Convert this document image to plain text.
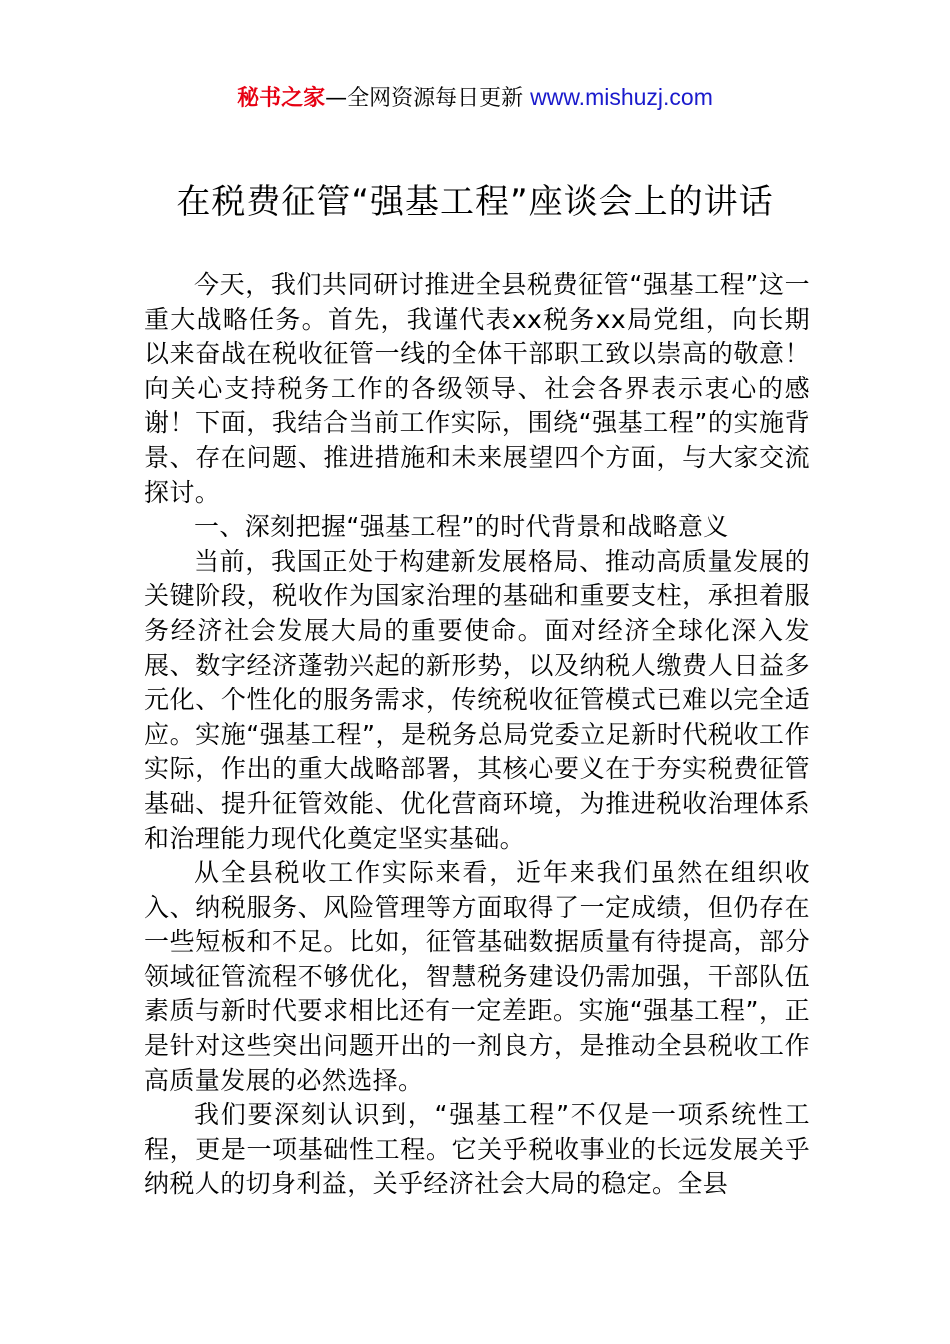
秘书之家—全网资源每日更新 www.mishuzj.com
在税费征管“强基工程”座谈会上的讲话

今天，我们共同研讨推进全县税费征管“强基工程”这一重大战略任务。首先，我谨代表xx税务xx局党组，向长期以来奋战在税收征管一线的全体干部职工致以崇高的敬意！向关心支持税务工作的各级领导、社会各界表示衷心的感谢！下面，我结合当前工作实际，围绕“强基工程”的实施背景、存在问题、推进措施和未来展望四个方面，与大家交流探讨。

一、深刻把握“强基工程”的时代背景和战略意义

当前，我国正处于构建新发展格局、推动高质量发展的关键阶段，税收作为国家治理的基础和重要支柱，承担着服务经济社会发展大局的重要使命。面对经济全球化深入发展、数字经济蓬勃兴起的新形势，以及纳税人缴费人日益多元化、个性化的服务需求，传统税收征管模式已难以完全适应。实施“强基工程”，是税务总局党委立足新时代税收工作实际，作出的重大战略部署，其核心要义在于夯实税费征管基础、提升征管效能、优化营商环境，为推进税收治理体系和治理能力现代化奠定坚实基础。

从全县税收工作实际来看，近年来我们虽然在组织收入、纳税服务、风险管理等方面取得了一定成绩，但仍存在一些短板和不足。比如，征管基础数据质量有待提高，部分领域征管流程不够优化，智慧税务建设仍需加强，干部队伍素质与新时代要求相比还有一定差距。实施“强基工程”，正是针对这些突出问题开出的一剂良方，是推动全县税收工作高质量发展的必然选择。

我们要深刻认识到，“强基工程”不仅是一项系统性工程，更是一项基础性工程。它关乎税收事业的长远发展关乎纳税人的切身利益，关乎经济社会大局的稳定。全县
